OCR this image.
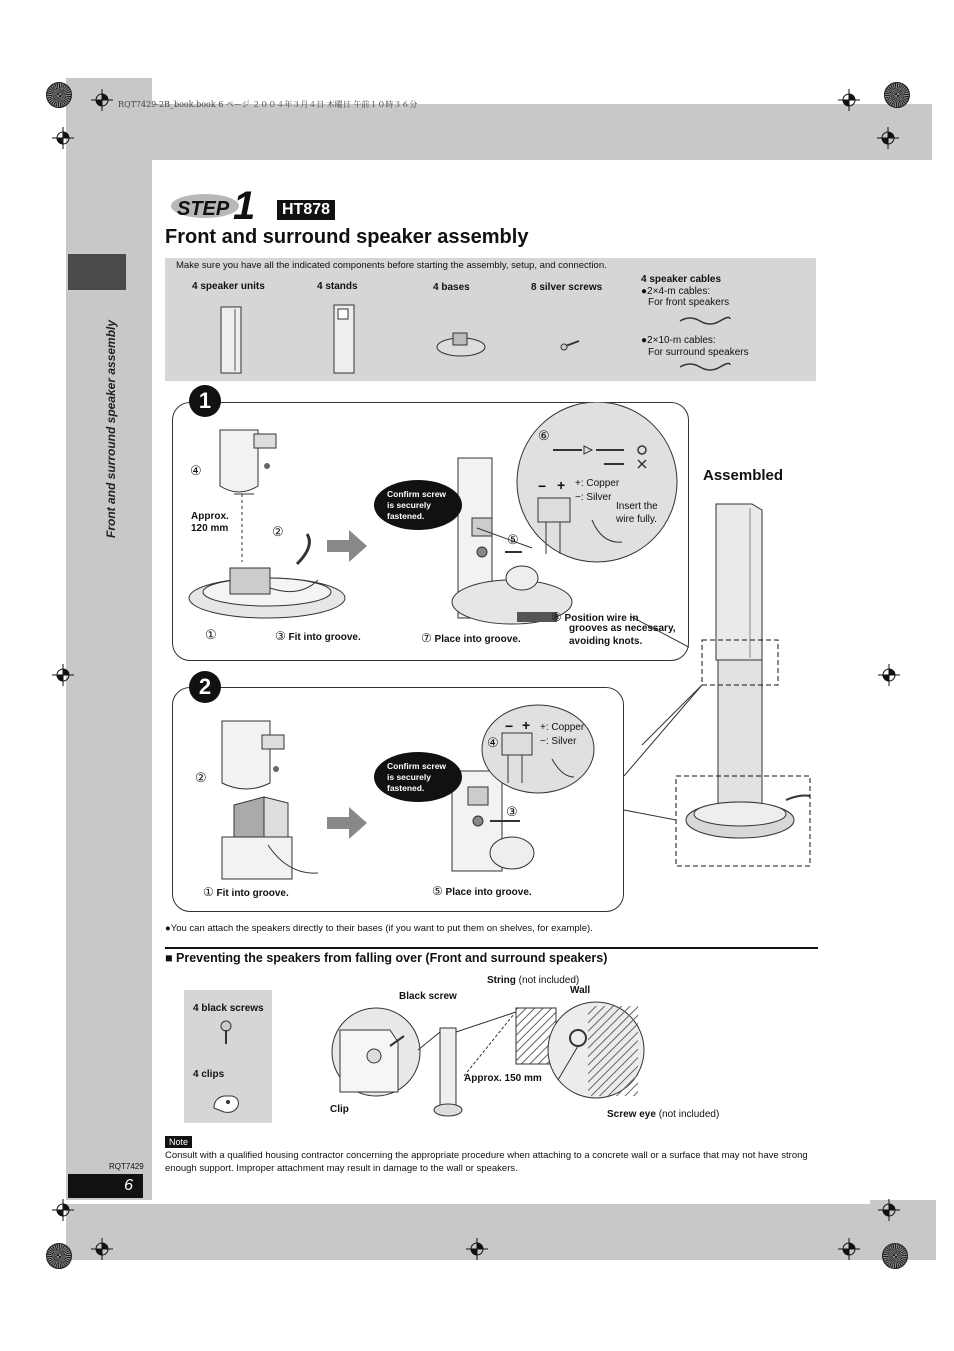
Front and surround speaker assembly
RQT7429-2B_book.book 6 ページ ２００４年３月４日 木曜日 午前１０時３６分
STEP 1	HT878
Front and surround speaker assembly
Make sure you have all the indicated components before starting the assembly, setup, and connection.
4 speaker units	4 stands	4 bases	8 silver screws
4 speaker cables
●2×4-m cables:
For front speakers
●2×10-m cables:
For surround speakers
1
④
Approx.
120 mm	②
①	③ Fit into groove.	⑦ Place into groove.
⑤
⑥
⑧ Position wire in
grooves as necessary,
avoiding knots.
Confirm screw
is securely
fastened.
− + +: Copper
−: Silver
Insert the
wire fully.
2
②
① Fit into groove.	⑤ Place into groove.
④
③
Confirm screw
is securely
fastened.
− + +: Copper
−: Silver
Assembled
●You can attach the speakers directly to their bases (if you want to put them on shelves, for example).
■ Preventing the speakers from falling over (Front and surround speakers)
4 black screws
4 clips
Black screw
String (not included)
Wall
Approx. 150 mm
Clip	Screw eye (not included)
Note
Consult with a qualified housing contractor concerning the appropriate procedure when attaching to a concrete wall or a surface that may not have strong enough support. Improper attachment may result in damage to the wall or speakers.
RQT7429
6
